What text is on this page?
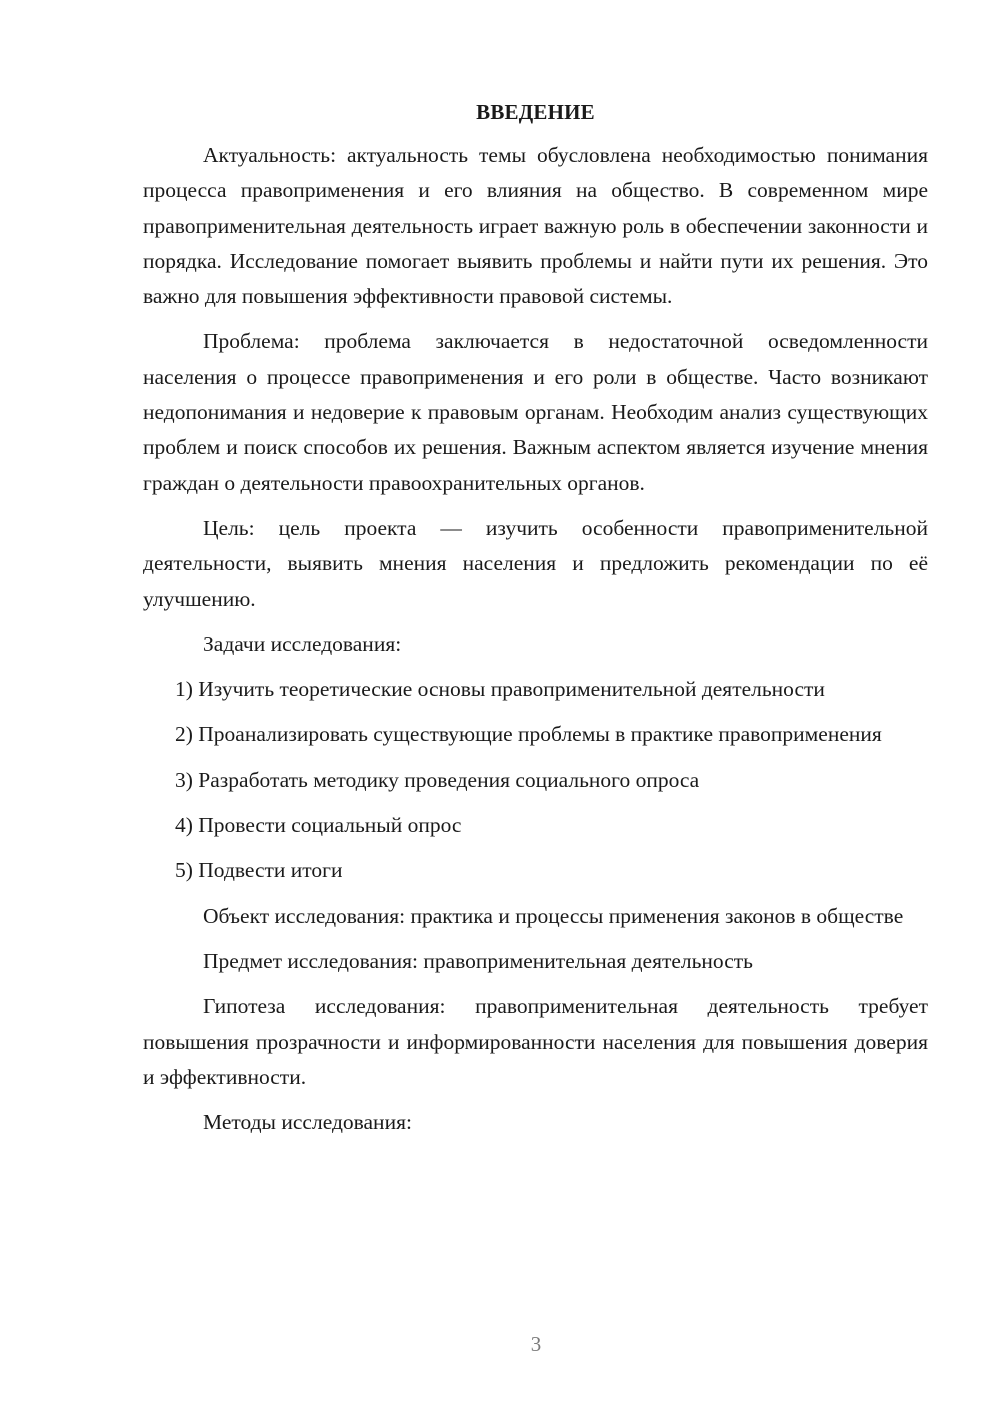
ВВЕДЕНИЕ

Актуальность: актуальность темы обусловлена необходимостью понимания процесса правоприменения и его влияния на общество. В современном мире правоприменительная деятельность играет важную роль в обеспечении законности и порядка. Исследование помогает выявить проблемы и найти пути их решения. Это важно для повышения эффективности правовой системы.

Проблема: проблема заключается в недостаточной осведомленности населения о процессе правоприменения и его роли в обществе. Часто возникают недопонимания и недоверие к правовым органам. Необходим анализ существующих проблем и поиск способов их решения. Важным аспектом является изучение мнения граждан о деятельности правоохранительных органов.

Цель: цель проекта — изучить особенности правоприменительной деятельности, выявить мнения населения и предложить рекомендации по её улучшению.

Задачи исследования:

1) Изучить теоретические основы правоприменительной деятельности

2) Проанализировать существующие проблемы в практике правоприменения

3) Разработать методику проведения социального опроса

4) Провести социальный опрос

5) Подвести итоги

Объект исследования: практика и процессы применения законов в обществе

Предмет исследования: правоприменительная деятельность

Гипотеза исследования: правоприменительная деятельность требует повышения прозрачности и информированности населения для повышения доверия и эффективности.

Методы исследования:

3
